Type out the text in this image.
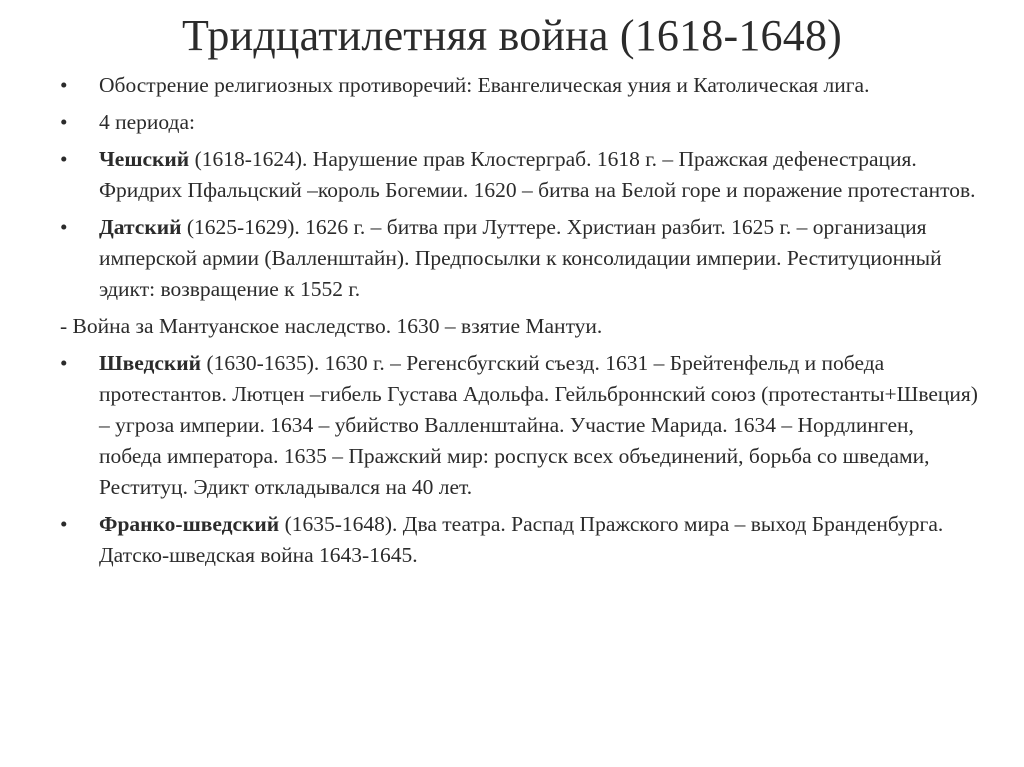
Тридцатилетняя война (1618-1648)

•	Обострение религиозных противоречий: Евангелическая уния и Католическая лига.

•	4 периода:

•	Чешский (1618-1624). Нарушение прав Клостерграб. 1618 г. – Пражская дефенестрация. Фридрих Пфальцский –король Богемии. 1620 – битва на Белой горе и поражение протестантов.

•	Датский (1625-1629). 1626 г. – битва при Луттере. Христиан разбит. 1625 г. – организация имперской армии (Валленштайн). Предпосылки к консолидации империи. Реституционный эдикт: возвращение к 1552 г.

- Война за Мантуанское наследство. 1630 – взятие Мантуи.

•	Шведский (1630-1635). 1630 г. – Регенсбугский съезд. 1631 – Брейтенфельд и победа протестантов. Лютцен –гибель Густава Адольфа. Гейльброннский союз (протестанты+Швеция) – угроза империи. 1634 – убийство Валленштайна. Участие Марида. 1634 – Нордлинген, победа императора. 1635 – Пражский мир: роспуск всех объединений, борьба со шведами, Реституц. Эдикт откладывался на 40 лет.

•	Франко-шведский (1635-1648). Два театра. Распад Пражского мира – выход Бранденбурга. Датско-шведская война 1643-1645.
